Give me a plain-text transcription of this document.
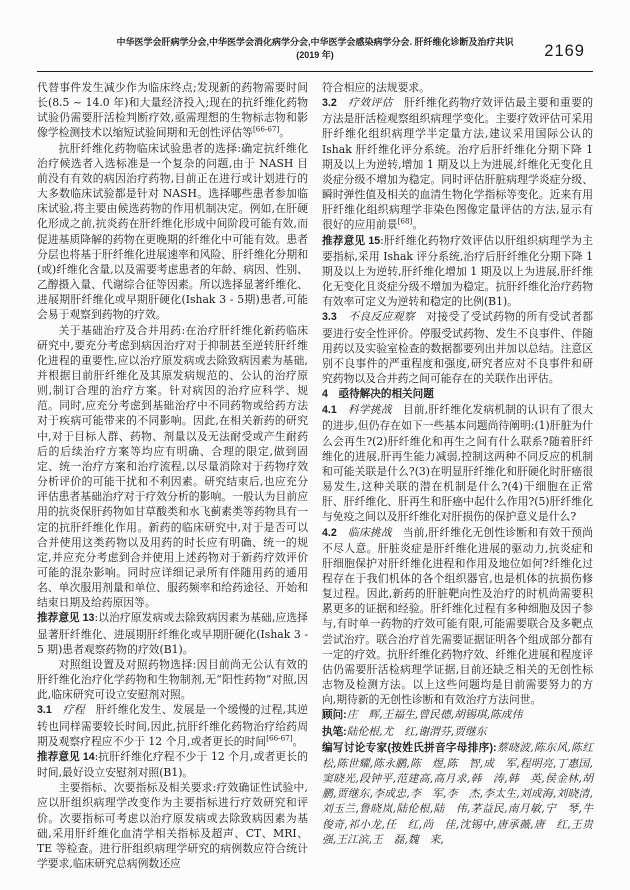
中华医学会肝病学分会,中华医学会消化病学分会,中华医学会感染病学分会. 肝纤维化诊断及治疗共识(2019 年)	2169

代替事件发生减少作为临床终点;发现新的药物需要时间长(8.5 ~ 14.0 年)和大量经济投入;现在的抗纤维化药物试验仍需要肝活检判断疗效,亟需理想的生物标志物和影像学检测技术以缩短试验间期和无创性评估等[66-67]。

抗肝纤维化药物临床试验患者的选择:确定抗纤维化治疗候选者入选标准是一个复杂的问题,由于 NASH 目前没有有效的病因治疗药物,目前正在进行或计划进行的大多数临床试验都是针对 NASH。选择哪些患者参加临床试验,将主要由候选药物的作用机制决定。例如,在肝硬化形成之前,抗炎药在肝纤维化形成中间阶段可能有效,而促进基质降解的药物在更晚期的纤维化中可能有效。患者分层也将基于肝纤维化进展速率和风险、肝纤维化分期和(或)纤维化含量,以及需要考虑患者的年龄、病因、性别、乙醇摄入量、代谢综合征等因素。所以选择显著纤维化、进展期肝纤维化或早期肝硬化(Ishak 3 - 5期)患者,可能会易于观察到药物的疗效。

关于基础治疗及合并用药:在治疗肝纤维化新药临床研究中,要充分考虑到病因治疗对于抑制甚至逆转肝纤维化进程的重要性,应以治疗原发病或去除致病因素为基础,并根据目前肝纤维化及其原发病规范的、公认的治疗原则,制订合理的治疗方案。针对病因的治疗应科学、规范。同时,应充分考虑到基础治疗中不同药物或给药方法对于疾病可能带来的不同影响。因此,在相关新药的研究中,对于目标人群、药物、剂量以及无法耐受或产生耐药后的后续治疗方案等均应有明确、合理的限定,做到固定、统一治疗方案和治疗流程,以尽量消除对于药物疗效分析评价的可能干扰和不利因素。研究结束后,也应充分评估患者基础治疗对于疗效分析的影响。一般认为目前应用的抗炎保肝药物如甘草酸类和水飞蓟素类等药物具有一定的抗肝纤维化作用。新药的临床研究中,对于是否可以合并使用这类药物以及用药的时长应有明确、统一的规定,并应充分考虑到合并使用上述药物对于新药疗效评价可能的混杂影响。同时应详细记录所有伴随用药的通用名、单次服用剂量和单位、服药频率和给药途径、开始和结束日期及给药原因等。

推荐意见 13:以治疗原发病或去除致病因素为基础,应选择显著肝纤维化、进展期肝纤维化或早期肝硬化(Ishak 3 - 5 期)患者观察药物的疗效(B1)。

对照组设置及对照药物选择:因目前尚无公认有效的肝纤维化治疗化学药物和生物制剂,无“阳性药物”对照,因此,临床研究可设立安慰剂对照。

3.1　疗程　肝纤维化发生、发展是一个缓慢的过程,其逆转也同样需要较长时间,因此,抗肝纤维化药物治疗给药周期及观察疗程应不少于 12 个月,或者更长的时间[66-67]。

推荐意见 14:抗肝纤维化疗程不少于 12 个月,或者更长的时间,最好设立安慰剂对照(B1)。

主要指标、次要指标及相关要求:疗效确证性试验中,应以肝组织病理学改变作为主要指标进行疗效研究和评价。次要指标可考虑以治疗原发病或去除致病因素为基础,采用肝纤维化血清学相关指标及超声、CT、MRI、TE 等检查。进行肝组织病理学研究的病例数应符合统计学要求,临床研究总病例数还应

符合相应的法规要求。

3.2　疗效评估　肝纤维化药物疗效评估最主要和重要的方法是肝活检观察组织病理学变化。主要疗效评估可采用肝纤维化组织病理学半定量方法,建议采用国际公认的 Ishak 肝纤维化评分系统。治疗后肝纤维化分期下降 1 期及以上为逆转,增加 1 期及以上为进展,纤维化无变化且炎症分级不增加为稳定。同时评估肝脏病理学炎症分级、瞬时弹性值及相关的血清生物化学指标等变化。近来有用肝纤维化组织病理学非染色图像定量评估的方法,显示有很好的应用前景[68]。

推荐意见 15:肝纤维化药物疗效评估以肝组织病理学为主要指标,采用 Ishak 评分系统,治疗后肝纤维化分期下降 1 期及以上为逆转,肝纤维化增加 1 期及以上为进展,肝纤维化无变化且炎症分级不增加为稳定。抗肝纤维化治疗药物有效率可定义为逆转和稳定的比例(B1)。

3.3　不良反应观察　对接受了受试药物的所有受试者都要进行安全性评价。停服受试药物、发生不良事件、伴随用药以及实验室检查的数据都要列出并加以总结。注意区别不良事件的严重程度和强度,研究者应对不良事件和研究药物以及合并药之间可能存在的关联作出评估。

4　亟待解决的相关问题

4.1　科学挑战　目前,肝纤维化发病机制的认识有了很大的进步,但仍存在如下一些基本问题尚待阐明:(1)肝脏为什么会再生?(2)肝纤维化和再生之间有什么联系?随着肝纤维化的进展,肝再生能力减弱,控制这两种不同反应的机制和可能关联是什么?(3)在明显肝纤维化和肝硬化时肝癌很易发生,这种关联的潜在机制是什么?(4)干细胞在正常肝、肝纤维化、肝再生和肝癌中起什么作用?(5)肝纤维化与免疫之间以及肝纤维化对肝损伤的保护意义是什么?

4.2　临床挑战　当前,肝纤维化无创性诊断和有效干预尚不尽人意。肝脏炎症是肝纤维化进展的驱动力,抗炎症和肝细胞保护对肝纤维化进程和作用及地位如何?纤维化过程存在于我们机体的各个组织器官,也是机体的抗损伤修复过程。因此,新药的肝脏靶向性及治疗的时机尚需要积累更多的证据和经验。肝纤维化过程有多种细胞及因子参与,有时单一药物的疗效可能有限,可能需要联合及多靶点尝试治疗。联合治疗首先需要证据证明各个组成部分都有一定的疗效。抗肝纤维化药物疗效、纤维化进展和程度评估仍需要肝活检病理学证据,目前还缺乏相关的无创性标志物及检测方法。以上这些问题均是目前需要努力的方向,期待新的无创性诊断和有效治疗方法问世。

顾问:庄　辉,王福生,曾民德,胡锡琪,陈成伟

执笔:陆伦根,尤　红,谢渭芬,贾继东

编写讨论专家(按姓氏拼音字母排序):蔡晓波,陈东风,陈红松,陈世耀,陈永鹏,陈　煜,陈　智,成　军,程明亮,丁惠国,窦晓光,段钟平,范建高,高月求,韩　涛,韩　英,侯金林,胡　鹏,贾继东,李成忠,李　军,李　杰,李太生,刘成海,刘晓清,刘玉兰,鲁晓岚,陆伦根,陆　伟,茅益民,南月敏,宁　琴,牛俊奇,祁小龙,任　红,尚　佳,沈锡中,唐承薇,唐　红,王贵强,王江滨,王　磊,魏　来,
